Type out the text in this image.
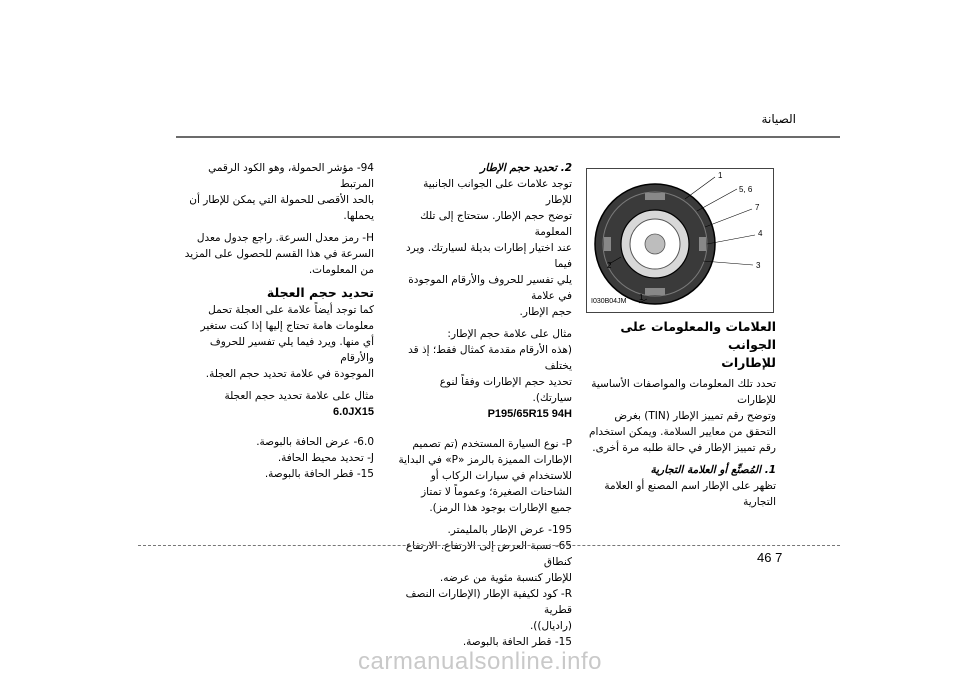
الصيانة
1
5, 6
7
4
3
2
1
I030B04JM
العلامات والمعلومات على الجوانب
للإطارات

تحدد تلك المعلومات والمواصفات الأساسية للإطارات
وتوضح رقم تمييز الإطار (TIN) بغرض
التحقق من معايير السلامة. ويمكن استخدام
رقم تمييز الإطار في حالة طلبه مرة أخرى.

1. المُصنِّع أو العلامة التجارية

تظهر على الإطار اسم المصنع أو العلامة
التجارية

2. تحديد حجم الإطار

توجد علامات على الجوانب الجانبية للإطار
توضح حجم الإطار. ستحتاج إلى تلك المعلومة
عند اختيار إطارات بديلة لسيارتك. ويرد فيما
يلي تفسير للحروف والأرقام الموجودة في علامة
حجم الإطار.

مثال على علامة حجم الإطار:
(هذه الأرقام مقدمة كمثال فقط؛ إذ قد يختلف
تحديد حجم الإطارات وفقاً لنوع سيارتك).
P195/65R15 94H

P- نوع السيارة المستخدم (تم تصميم
الإطارات المميزة بالرمز «P» في البداية
للاستخدام في سيارات الركاب أو
الشاحنات الصغيرة؛ وعموماً لا تمتاز
جميع الإطارات بوجود هذا الرمز).

195- عرض الإطار بالمليمتر.
65- نسبة العرض إلى الارتفاع. الارتفاع كنطاق
للإطار كنسبة مئوية من عرضه.
R- كود لكيفية الإطار (الإطارات النصف قطرية
(راديال)).
15- قطر الحافة بالبوصة.

94- مؤشر الحمولة، وهو الكود الرقمي المرتبط
بالحد الأقصى للحمولة التي يمكن للإطار أن
يحملها.

H- رمز معدل السرعة. راجع جدول معدل
السرعة في هذا القسم للحصول على المزيد
من المعلومات.

تحديد حجم العجلة

كما توجد أيضاً علامة على العجلة تحمل
معلومات هامة تحتاج إليها إذا كنت ستغير
أي منها. ويرد فيما يلي تفسير للحروف والأرقام
الموجودة في علامة تحديد حجم العجلة.

مثال على علامة تحديد حجم العجلة
6.0JX15
6.0- عرض الحافة بالبوصة.
J- تحديد محيط الحافة.
15- قطر الحافة بالبوصة.
46 7
carmanualsonline.info
